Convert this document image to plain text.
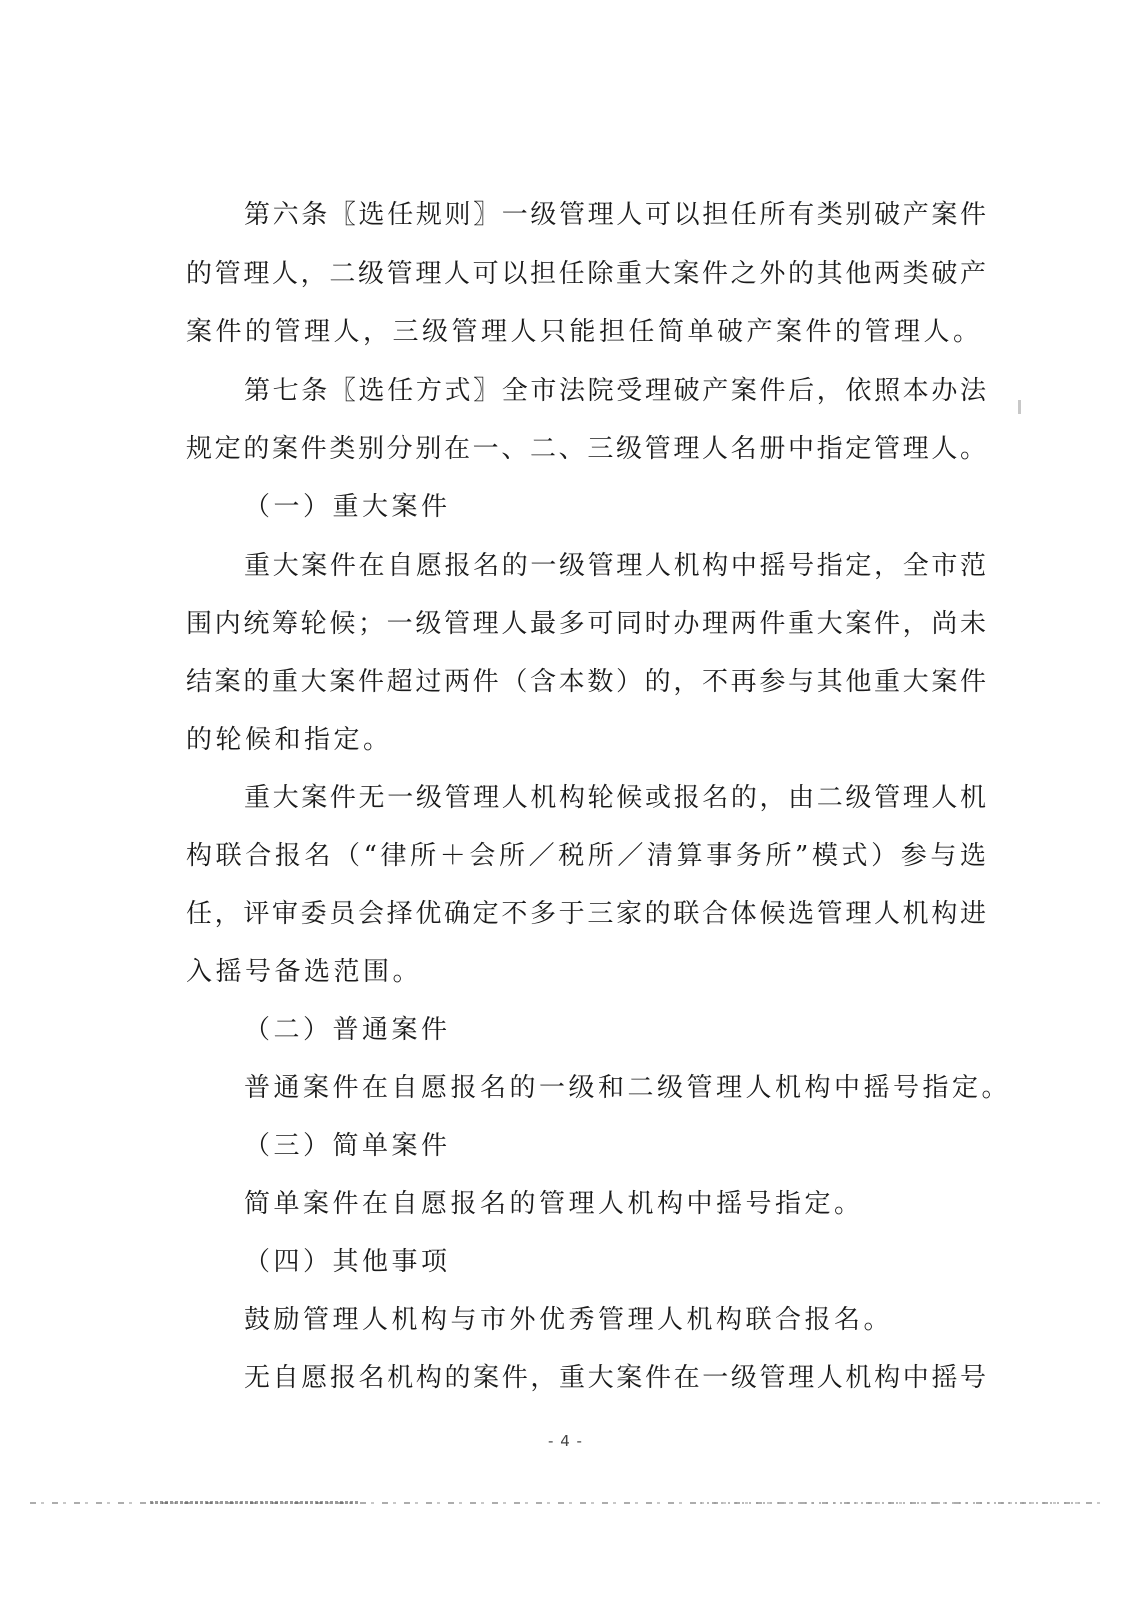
第六条〖选任规则〗一级管理人可以担任所有类别破产案件
的管理人，二级管理人可以担任除重大案件之外的其他两类破产
案件的管理人，三级管理人只能担任简单破产案件的管理人。
第七条〖选任方式〗全市法院受理破产案件后，依照本办法
规定的案件类别分别在一、二、三级管理人名册中指定管理人。
（一）重大案件
重大案件在自愿报名的一级管理人机构中摇号指定，全市范
围内统筹轮候；一级管理人最多可同时办理两件重大案件，尚未
结案的重大案件超过两件（含本数）的，不再参与其他重大案件
的轮候和指定。
重大案件无一级管理人机构轮候或报名的，由二级管理人机
构联合报名（“律所＋会所／税所／清算事务所”模式）参与选
任，评审委员会择优确定不多于三家的联合体候选管理人机构进
入摇号备选范围。
（二）普通案件
普通案件在自愿报名的一级和二级管理人机构中摇号指定。
（三）简单案件
简单案件在自愿报名的管理人机构中摇号指定。
（四）其他事项
鼓励管理人机构与市外优秀管理人机构联合报名。
无自愿报名机构的案件，重大案件在一级管理人机构中摇号
- 4 -
